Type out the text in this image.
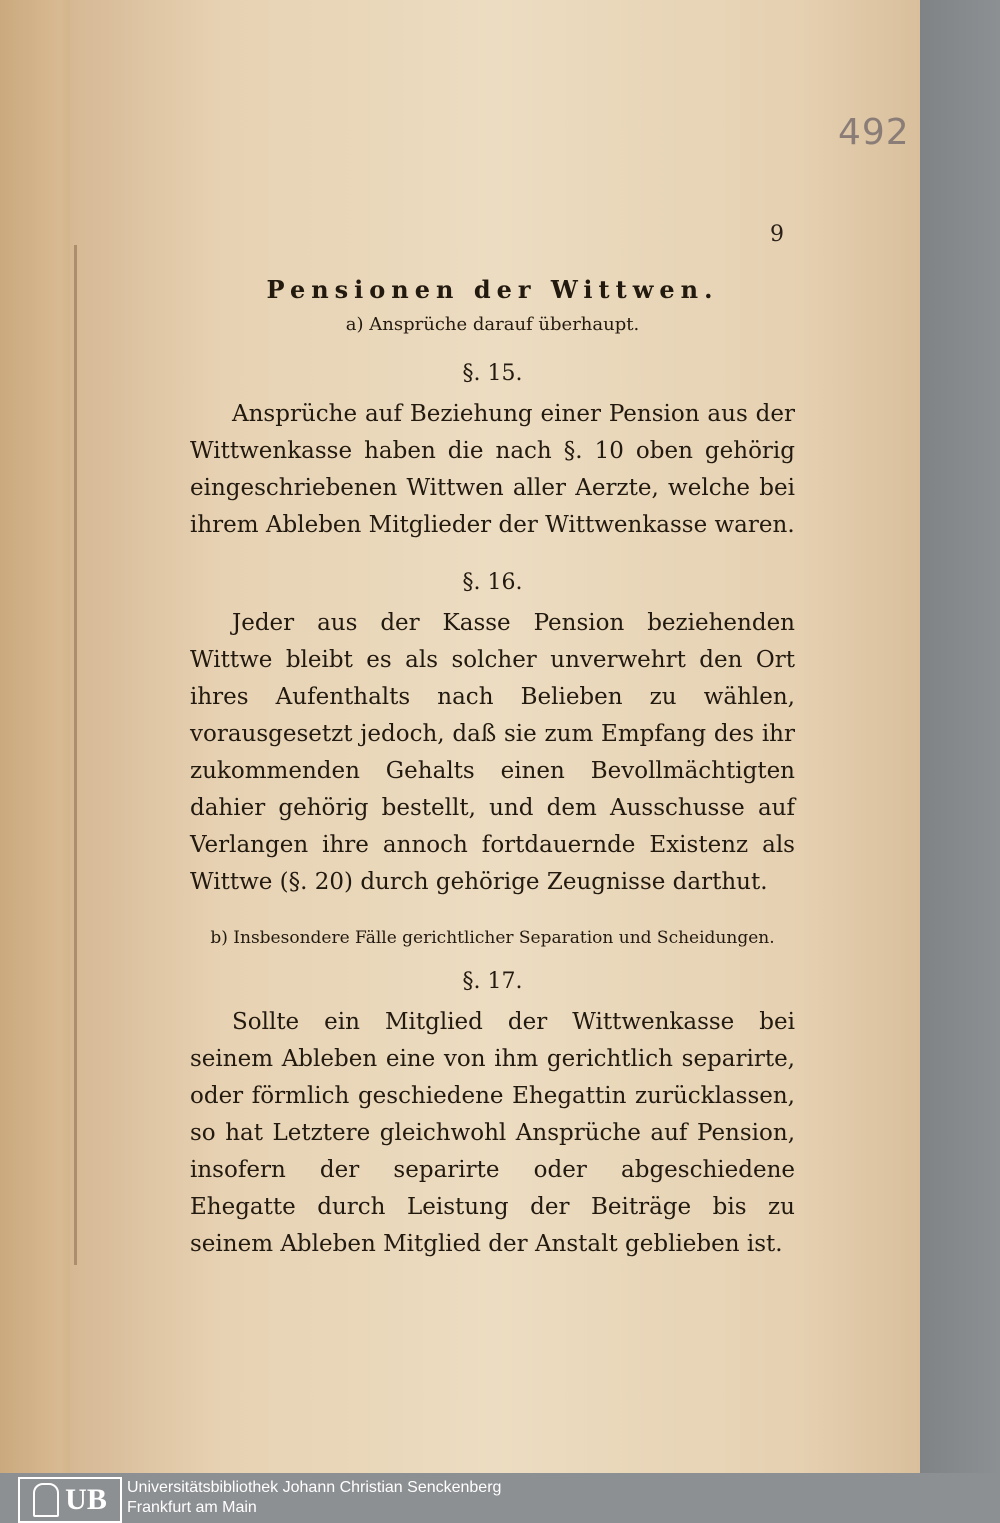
492
9
Pensionen der Wittwen.

a) Ansprüche darauf überhaupt.

§. 15.

Ansprüche auf Beziehung einer Pension aus der Wittwenkasse haben die nach §. 10 oben gehörig eingeschriebenen Wittwen aller Aerzte, welche bei ihrem Ableben Mitglieder der Wittwenkasse waren.

§. 16.

Jeder aus der Kasse Pension beziehenden Wittwe bleibt es als solcher unverwehrt den Ort ihres Aufenthalts nach Belieben zu wählen, vorausgesetzt jedoch, daß sie zum Empfang des ihr zukommenden Gehalts einen Bevollmächtigten dahier gehörig bestellt, und dem Ausschusse auf Verlangen ihre annoch fortdauernde Existenz als Wittwe (§. 20) durch gehörige Zeugnisse darthut.

b) Insbesondere Fälle gerichtlicher Separation und Scheidungen.

§. 17.

Sollte ein Mitglied der Wittwenkasse bei seinem Ableben eine von ihm gerichtlich separirte, oder förmlich geschiedene Ehegattin zurücklassen, so hat Letztere gleichwohl Ansprüche auf Pension, insofern der separirte oder abgeschiedene Ehegatte durch Leistung der Beiträge bis zu seinem Ableben Mitglied der Anstalt geblieben ist.

UB Universitätsbibliothek Johann Christian Senckenberg
Frankfurt am Main
